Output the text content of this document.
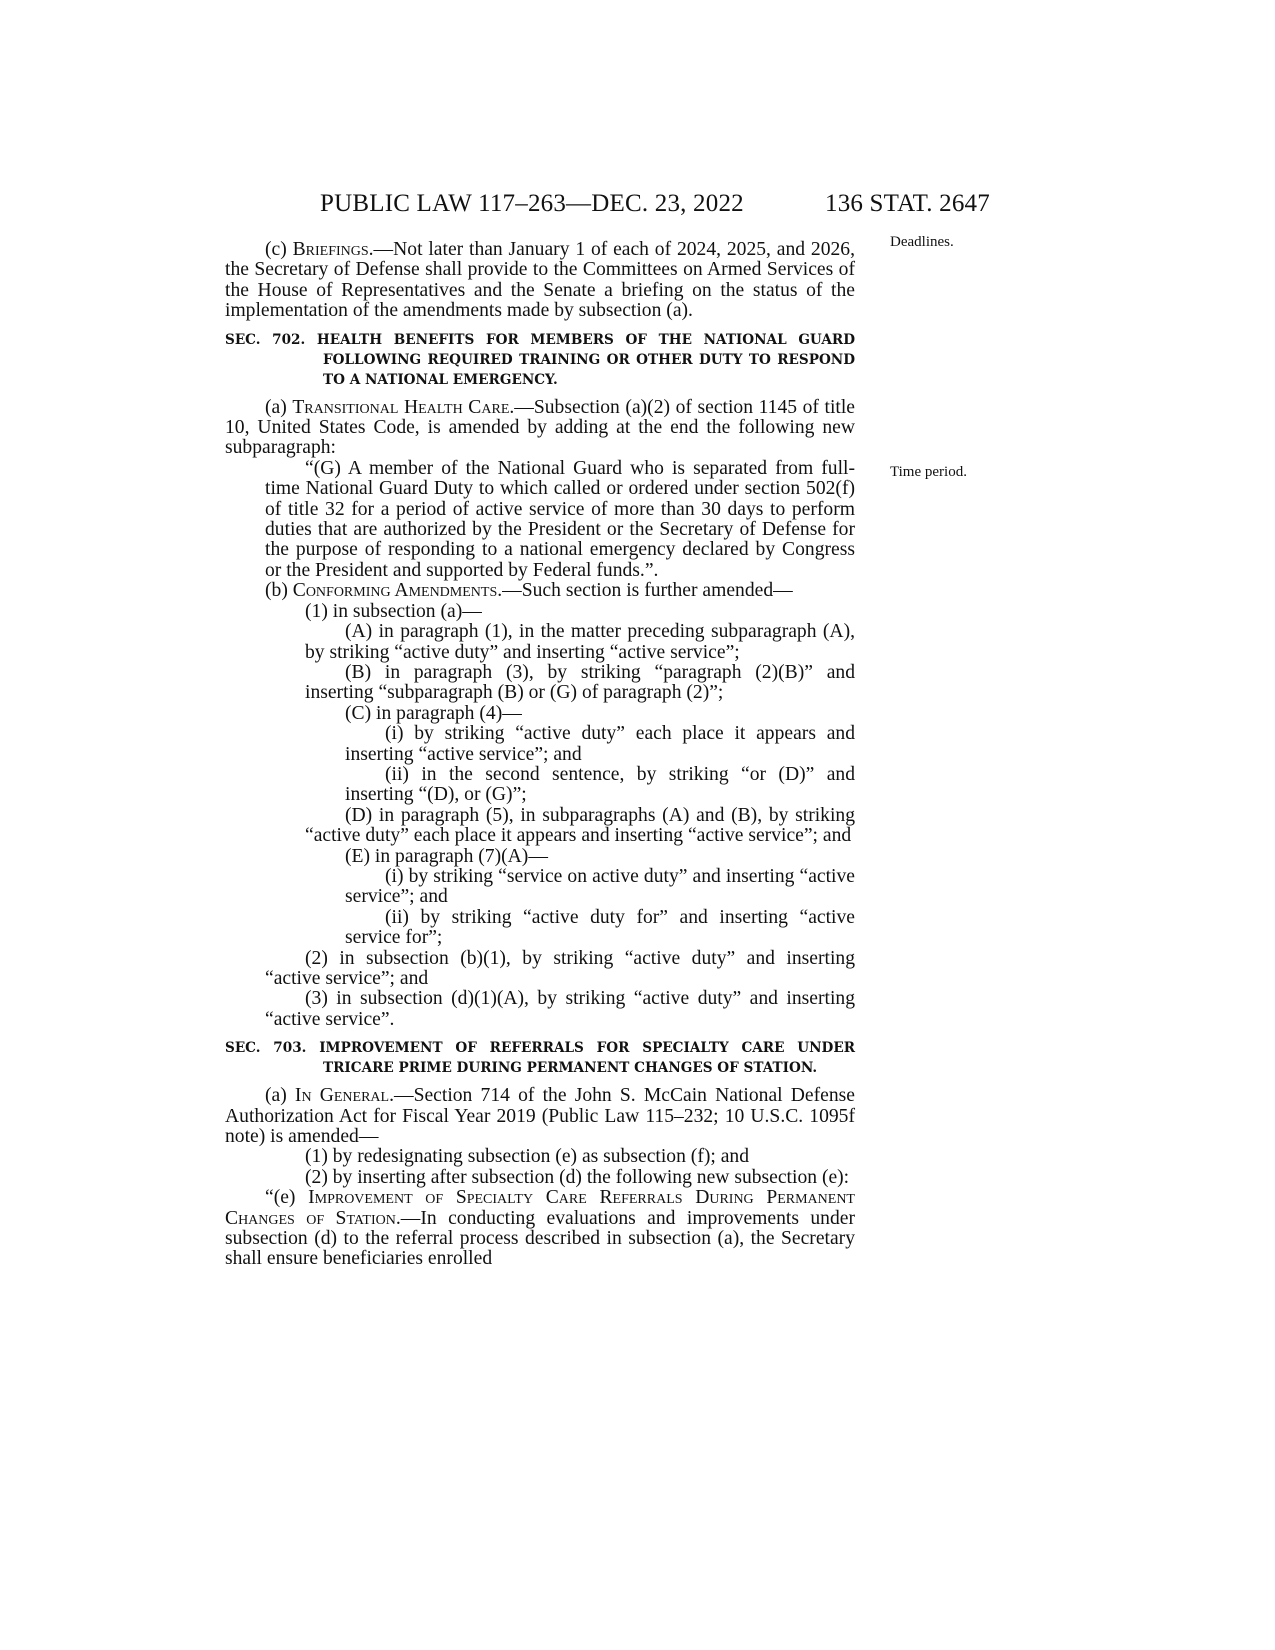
PUBLIC LAW 117–263—DEC. 23, 2022	136 STAT. 2647
Deadlines.
Time period.

(c) Briefings.—Not later than January 1 of each of 2024, 2025, and 2026, the Secretary of Defense shall provide to the Committees on Armed Services of the House of Representatives and the Senate a briefing on the status of the implementation of the amendments made by subsection (a).

SEC. 702. HEALTH BENEFITS FOR MEMBERS OF THE NATIONAL GUARD FOLLOWING REQUIRED TRAINING OR OTHER DUTY TO RESPOND TO A NATIONAL EMERGENCY.

(a) Transitional Health Care.—Subsection (a)(2) of section 1145 of title 10, United States Code, is amended by adding at the end the following new subparagraph:

“(G) A member of the National Guard who is separated from full-time National Guard Duty to which called or ordered under section 502(f) of title 32 for a period of active service of more than 30 days to perform duties that are authorized by the President or the Secretary of Defense for the purpose of responding to a national emergency declared by Congress or the President and supported by Federal funds.”.

(b) Conforming Amendments.—Such section is further amended—

(1) in subsection (a)—

(A) in paragraph (1), in the matter preceding subparagraph (A), by striking “active duty” and inserting “active service”;

(B) in paragraph (3), by striking “paragraph (2)(B)” and inserting “subparagraph (B) or (G) of paragraph (2)”;

(C) in paragraph (4)—

(i) by striking “active duty” each place it appears and inserting “active service”; and

(ii) in the second sentence, by striking “or (D)” and inserting “(D), or (G)”;

(D) in paragraph (5), in subparagraphs (A) and (B), by striking “active duty” each place it appears and inserting “active service”; and

(E) in paragraph (7)(A)—

(i) by striking “service on active duty” and inserting “active service”; and

(ii) by striking “active duty for” and inserting “active service for”;

(2) in subsection (b)(1), by striking “active duty” and inserting “active service”; and

(3) in subsection (d)(1)(A), by striking “active duty” and inserting “active service”.

SEC. 703. IMPROVEMENT OF REFERRALS FOR SPECIALTY CARE UNDER TRICARE PRIME DURING PERMANENT CHANGES OF STATION.

(a) In General.—Section 714 of the John S. McCain National Defense Authorization Act for Fiscal Year 2019 (Public Law 115–232; 10 U.S.C. 1095f note) is amended—

(1) by redesignating subsection (e) as subsection (f); and

(2) by inserting after subsection (d) the following new subsection (e):

“(e) Improvement of Specialty Care Referrals During Permanent Changes of Station.—In conducting evaluations and improvements under subsection (d) to the referral process described in subsection (a), the Secretary shall ensure beneficiaries enrolled
